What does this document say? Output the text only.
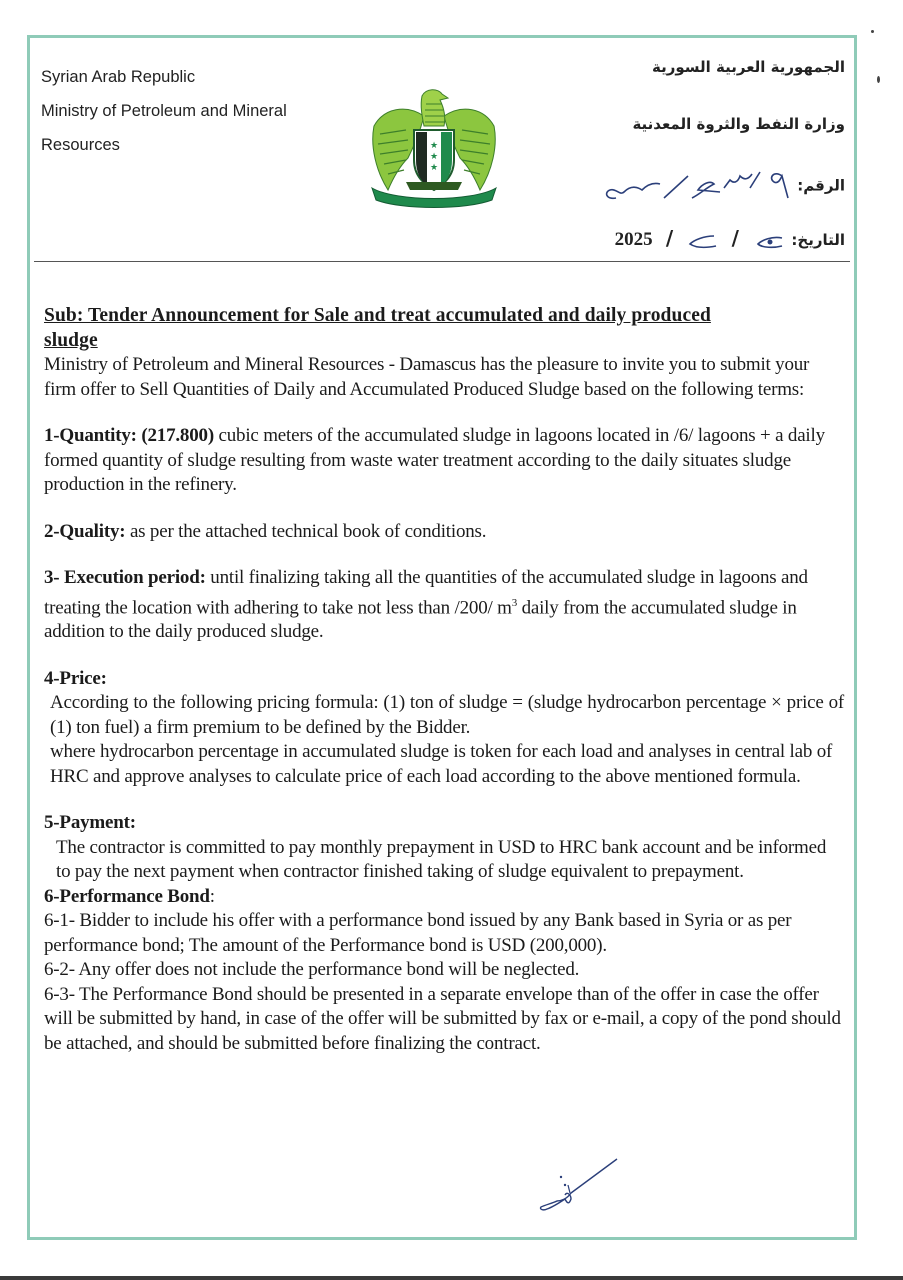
Syrian Arab Republic
Ministry of Petroleum and Mineral
Resources	★
★
★
الجمهورية العربية السورية
وزارة النفط والثروة المعدنية
الرقم:
التاريخ:  /  / 2025
Sub: Tender Announcement for Sale and treat accumulated and daily produced
sludge

Ministry of Petroleum and Mineral Resources - Damascus has the pleasure to invite you to submit your firm offer to Sell Quantities of Daily and Accumulated Produced Sludge based on the following terms:

1-Quantity: (217.800) cubic meters of the accumulated sludge in lagoons located in /6/ lagoons + a daily formed quantity of sludge resulting from waste water treatment according to the daily situates sludge production in the refinery.

2-Quality: as per the attached technical book of conditions.

3- Execution period: until finalizing taking all the quantities of the accumulated sludge in lagoons and treating the location with adhering to take not less than /200/ $m^3$ daily from the accumulated sludge in addition to the daily produced sludge.

4-Price:

According to the following pricing formula: (1) ton of sludge = (sludge hydrocarbon percentage × price of (1) ton fuel) a firm premium to be defined by the Bidder.

where hydrocarbon percentage in accumulated sludge is token for each load and analyses in central lab of HRC and approve analyses to calculate price of each load according to the above mentioned formula.

5-Payment:

The contractor is committed to pay monthly prepayment in USD to HRC bank account and be informed to pay the next payment when contractor finished taking of sludge equivalent to prepayment.

6-Performance Bond:

6-1- Bidder to include his offer with a performance bond issued by any Bank based in Syria or as per performance bond; The amount of the Performance bond is USD (200,000).

6-2- Any offer does not include the performance bond will be neglected.

6-3- The Performance Bond should be presented in a separate envelope than of the offer in case the offer will be submitted by hand, in case of the offer will be submitted by fax or e-mail, a copy of the pond should be attached, and should be submitted before finalizing the contract.
